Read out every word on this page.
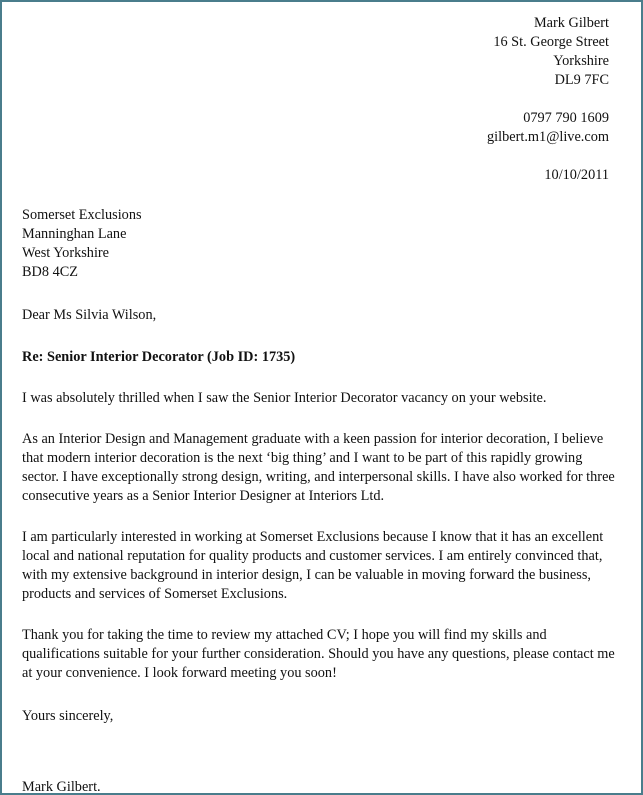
Mark Gilbert
16 St. George Street
Yorkshire
DL9 7FC
0797 790 1609
gilbert.m1@live.com
10/10/2011
Somerset Exclusions
Manninghan Lane
West Yorkshire
BD8 4CZ
Dear Ms Silvia Wilson,
Re: Senior Interior Decorator (Job ID: 1735)
I was absolutely thrilled when I saw the Senior Interior Decorator vacancy on your website.
As an Interior Design and Management graduate with a keen passion for interior decoration, I believe that modern interior decoration is the next ‘big thing’ and I want to be part of this rapidly growing sector. I have exceptionally strong design, writing, and interpersonal skills. I have also worked for three consecutive years as a Senior Interior Designer at Interiors Ltd.
I am particularly interested in working at Somerset Exclusions because I know that it has an excellent local and national reputation for quality products and customer services. I am entirely convinced that, with my extensive background in interior design, I can be valuable in moving forward the business, products and services of Somerset Exclusions.
Thank you for taking the time to review my attached CV; I hope you will find my skills and qualifications suitable for your further consideration. Should you have any questions, please contact me at your convenience. I look forward meeting you soon!
Yours sincerely,
Mark Gilbert.
